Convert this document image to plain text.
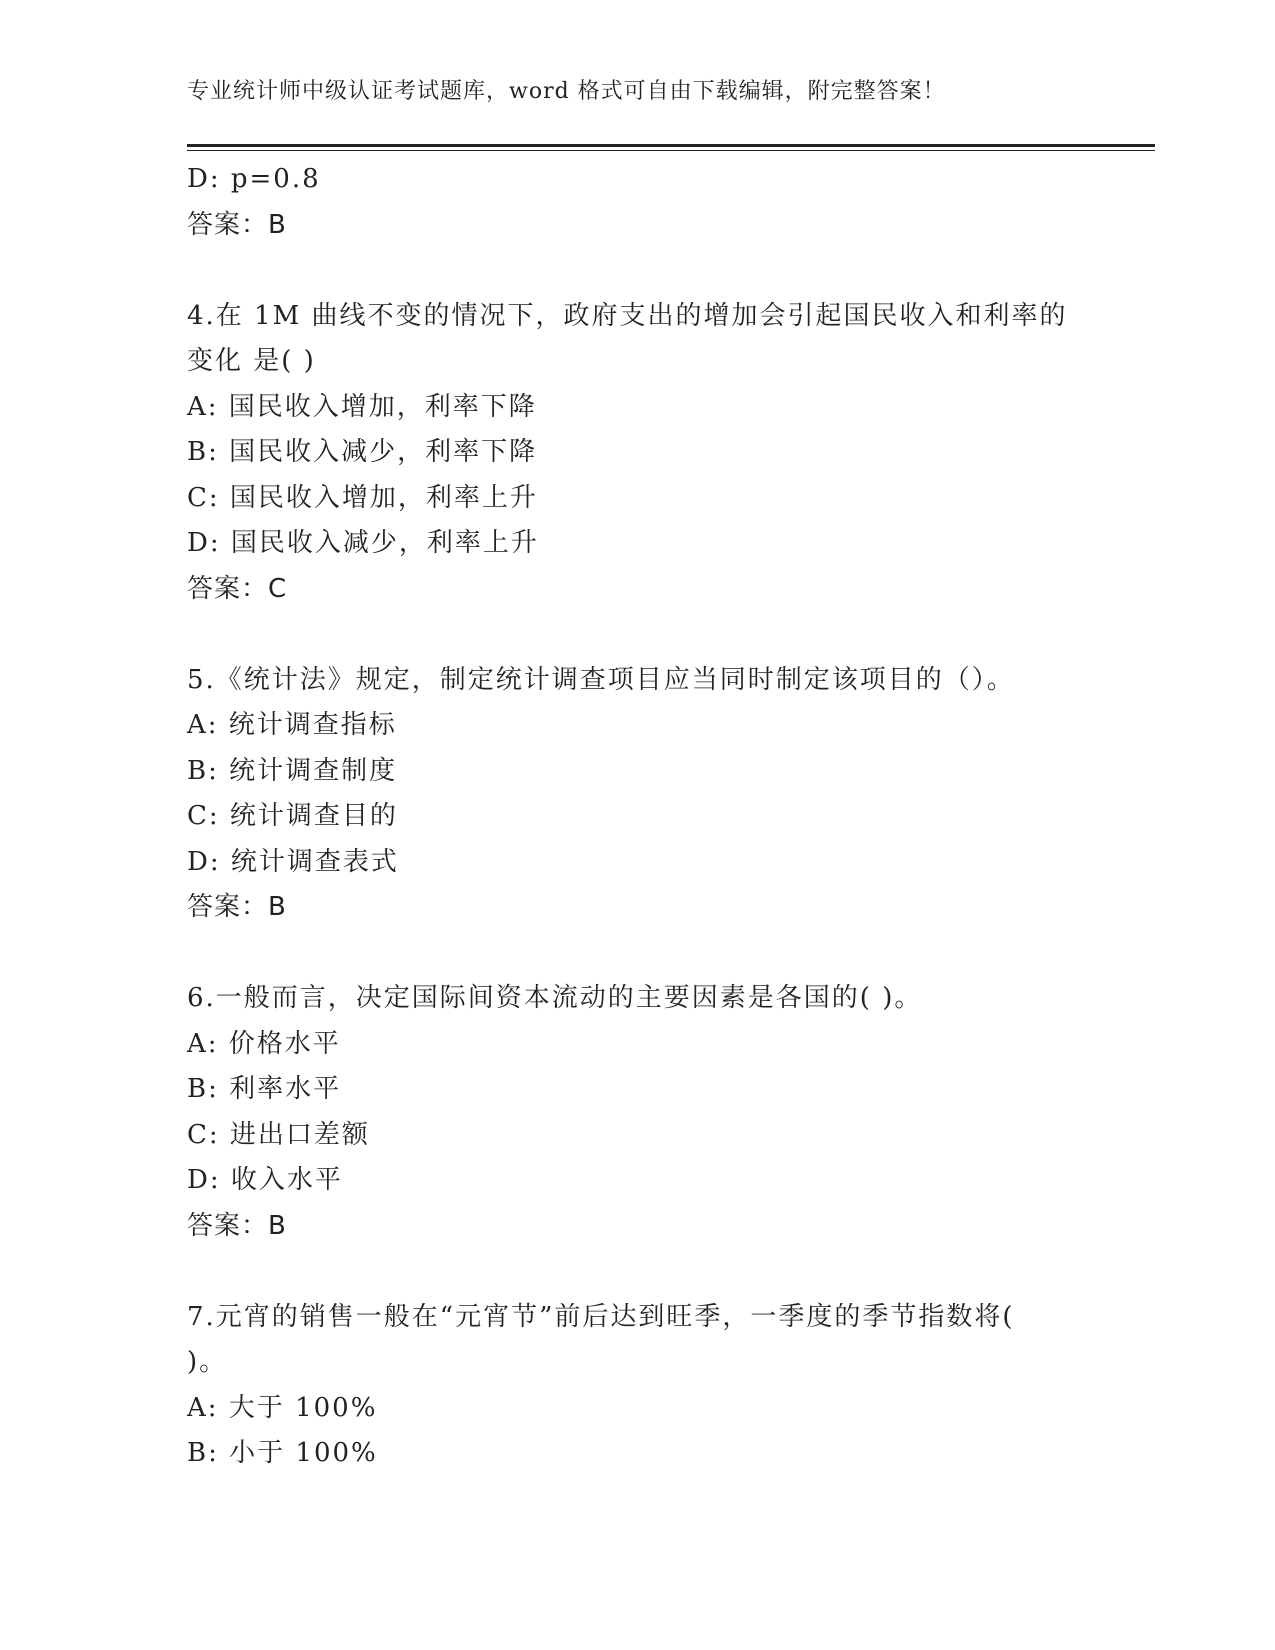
专业统计师中级认证考试题库，word 格式可自由下载编辑，附完整答案！
D: p=0.8
答案：B
4.在 1M 曲线不变的情况下，政府支出的增加会引起国民收入和利率的
变化 是( )
A: 国民收入增加，利率下降
B: 国民收入减少，利率下降
C: 国民收入增加，利率上升
D: 国民收入减少，利率上升
答案：C
5.《统计法》规定，制定统计调查项目应当同时制定该项目的（）。
A: 统计调查指标
B: 统计调查制度
C: 统计调查目的
D: 统计调查表式
答案：B
6.一般而言，决定国际间资本流动的主要因素是各国的( )。
A: 价格水平
B: 利率水平
C: 进出口差额
D: 收入水平
答案：B
7.元宵的销售一般在“元宵节”前后达到旺季，一季度的季节指数将(
)。
A: 大于 100%
B: 小于 100%
